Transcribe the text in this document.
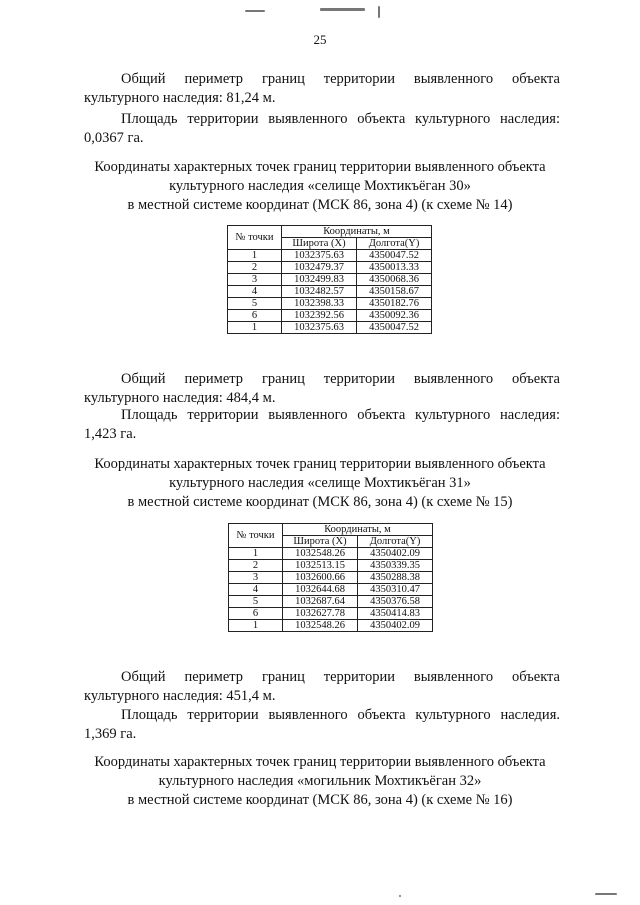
25

Общий периметр границ территории выявленного объекта
культурного наследия: 81,24 м.

Площадь территории выявленного объекта культурного наследия:
0,0367 га.

Координаты характерных точек границ территории выявленного объекта
культурного наследия «селище Мохтикъёган 30»
в местной системе координат (МСК 86, зона 4) (к схеме № 14)
№ точки	Координаты, м	
	Широта (X)	Долгота(Y)
1	1032375.63	4350047.52
2	1032479.37	4350013.33
3	1032499.83	4350068.36
4	1032482.57	4350158.67
5	1032398.33	4350182.76
6	1032392.56	4350092.36
1	1032375.63	4350047.52

Общий периметр границ территории выявленного объекта
культурного наследия: 484,4 м.

Площадь территории выявленного объекта культурного наследия:
1,423 га.

Координаты характерных точек границ территории выявленного объекта
культурного наследия «селище Мохтикъёган 31»
в местной системе координат (МСК 86, зона 4) (к схеме № 15)
№ точки	Координаты, м	
	Широта (X)	Долгота(Y)
1	1032548.26	4350402.09
2	1032513.15	4350339.35
3	1032600.66	4350288.38
4	1032644.68	4350310.47
5	1032687.64	4350376.58
6	1032627.78	4350414.83
1	1032548.26	4350402.09

Общий периметр границ территории выявленного объекта
культурного наследия: 451,4 м.

Площадь территории выявленного объекта культурного наследия.
1,369 га.

Координаты характерных точек границ территории выявленного объекта
культурного наследия «могильник Мохтикъёган 32»
в местной системе координат (МСК 86, зона 4) (к схеме № 16)
